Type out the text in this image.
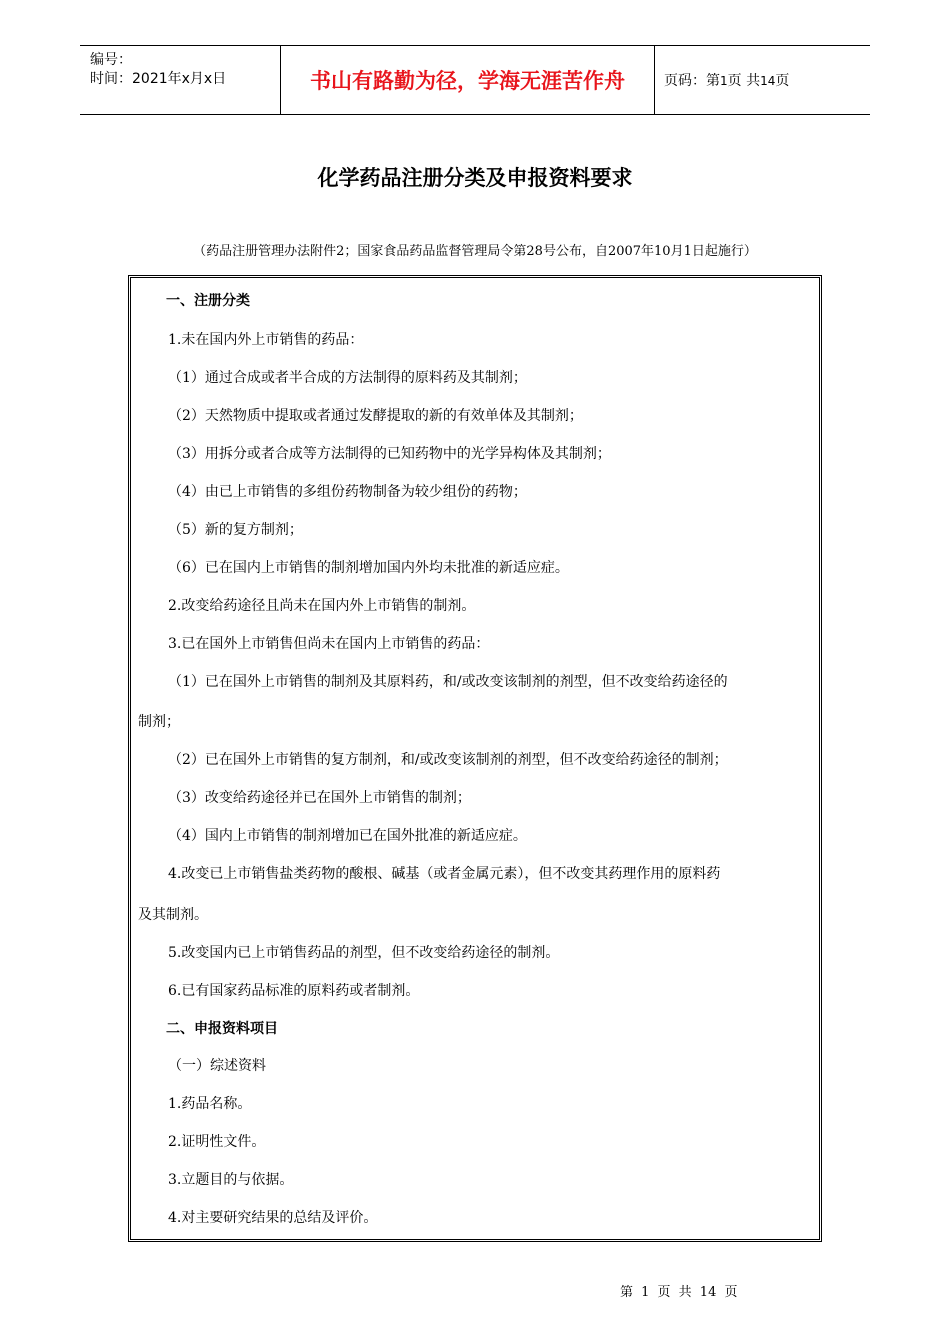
编号：
时间：2021年x月x日	书山有路勤为径，学海无涯苦作舟	页码：第1页 共14页
化学药品注册分类及申报资料要求
（药品注册管理办法附件2；国家食品药品监督管理局令第28号公布，自2007年10月1日起施行）
一、注册分类
1.未在国内外上市销售的药品：
（1）通过合成或者半合成的方法制得的原料药及其制剂；
（2）天然物质中提取或者通过发酵提取的新的有效单体及其制剂；
（3）用拆分或者合成等方法制得的已知药物中的光学异构体及其制剂；
（4）由已上市销售的多组份药物制备为较少组份的药物；
（5）新的复方制剂；
（6）已在国内上市销售的制剂增加国内外均未批准的新适应症。
2.改变给药途径且尚未在国内外上市销售的制剂。
3.已在国外上市销售但尚未在国内上市销售的药品：
（1）已在国外上市销售的制剂及其原料药，和/或改变该制剂的剂型，但不改变给药途径的
制剂；
（2）已在国外上市销售的复方制剂，和/或改变该制剂的剂型，但不改变给药途径的制剂；
（3）改变给药途径并已在国外上市销售的制剂；
（4）国内上市销售的制剂增加已在国外批准的新适应症。
4.改变已上市销售盐类药物的酸根、碱基（或者金属元素），但不改变其药理作用的原料药
及其制剂。
5.改变国内已上市销售药品的剂型，但不改变给药途径的制剂。
6.已有国家药品标准的原料药或者制剂。
二、申报资料项目
（一）综述资料
1.药品名称。
2.证明性文件。
3.立题目的与依据。
4.对主要研究结果的总结及评价。
第 1 页 共 14 页
